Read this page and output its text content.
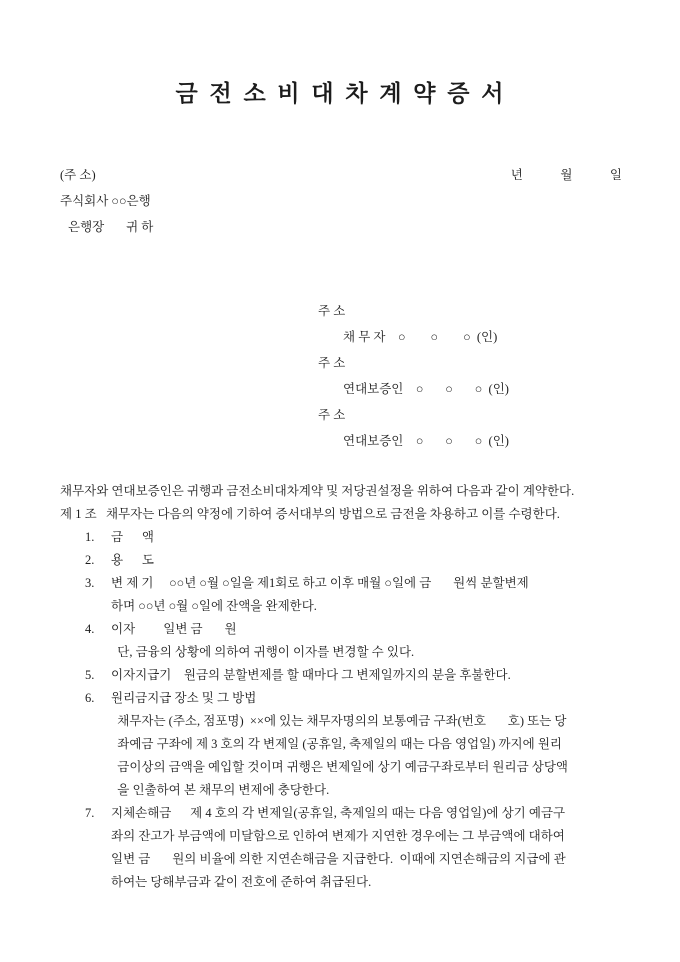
금 전 소 비 대 차 계 약 증 서
(주 소)	년            월            일
주식회사 ○○은행
은행장       귀 하
주 소
채 무 자    ○        ○        ○  (인)
주 소
연대보증인    ○       ○       ○  (인)
주 소
연대보증인    ○       ○       ○  (인)
채무자와 연대보증인은 귀행과 금전소비대차계약 및 저당권설정을 위하여 다음과 같이 계약한다.
제 1 조   채무자는 다음의 약정에 기하여 증서대부의 방법으로 금전을 차용하고 이를 수령한다.
1.	금      액
2.	용      도
3.	변 제 기     ○○년 ○월 ○일을 제1회로 하고 이후 매월 ○일에 금       원씩 분할변제
하며 ○○년 ○월 ○일에 잔액을 완제한다.
4.	이자         일변 금       원
단, 금융의 상황에 의하여 귀행이 이자를 변경할 수 있다.
5.	이자지급기    원금의 분할변제를 할 때마다 그 변제일까지의 분을 후불한다.
6.	원리금지급 장소 및 그 방법
채무자는 (주소, 점포명)  ××에 있는 채무자명의의 보통예금 구좌(번호       호) 또는 당
좌예금 구좌에 제 3 호의 각 변제일 (공휴일, 축제일의 때는 다음 영업일) 까지에 원리
금이상의 금액을 예입할 것이며 귀행은 변제일에 상기 예금구좌로부터 원리금 상당액
을 인출하여 본 채무의 변제에 충당한다.
7.	지체손해금      제 4 호의 각 변제일(공휴일, 축제일의 때는 다음 영업일)에 상기 예금구
좌의 잔고가 부금액에 미달함으로 인하여 변제가 지연한 경우에는 그 부금액에 대하여
일변 금       원의 비율에 의한 지연손해금을 지급한다.  이때에 지연손해금의 지급에 관
하여는 당해부금과 같이 전호에 준하여 취급된다.
